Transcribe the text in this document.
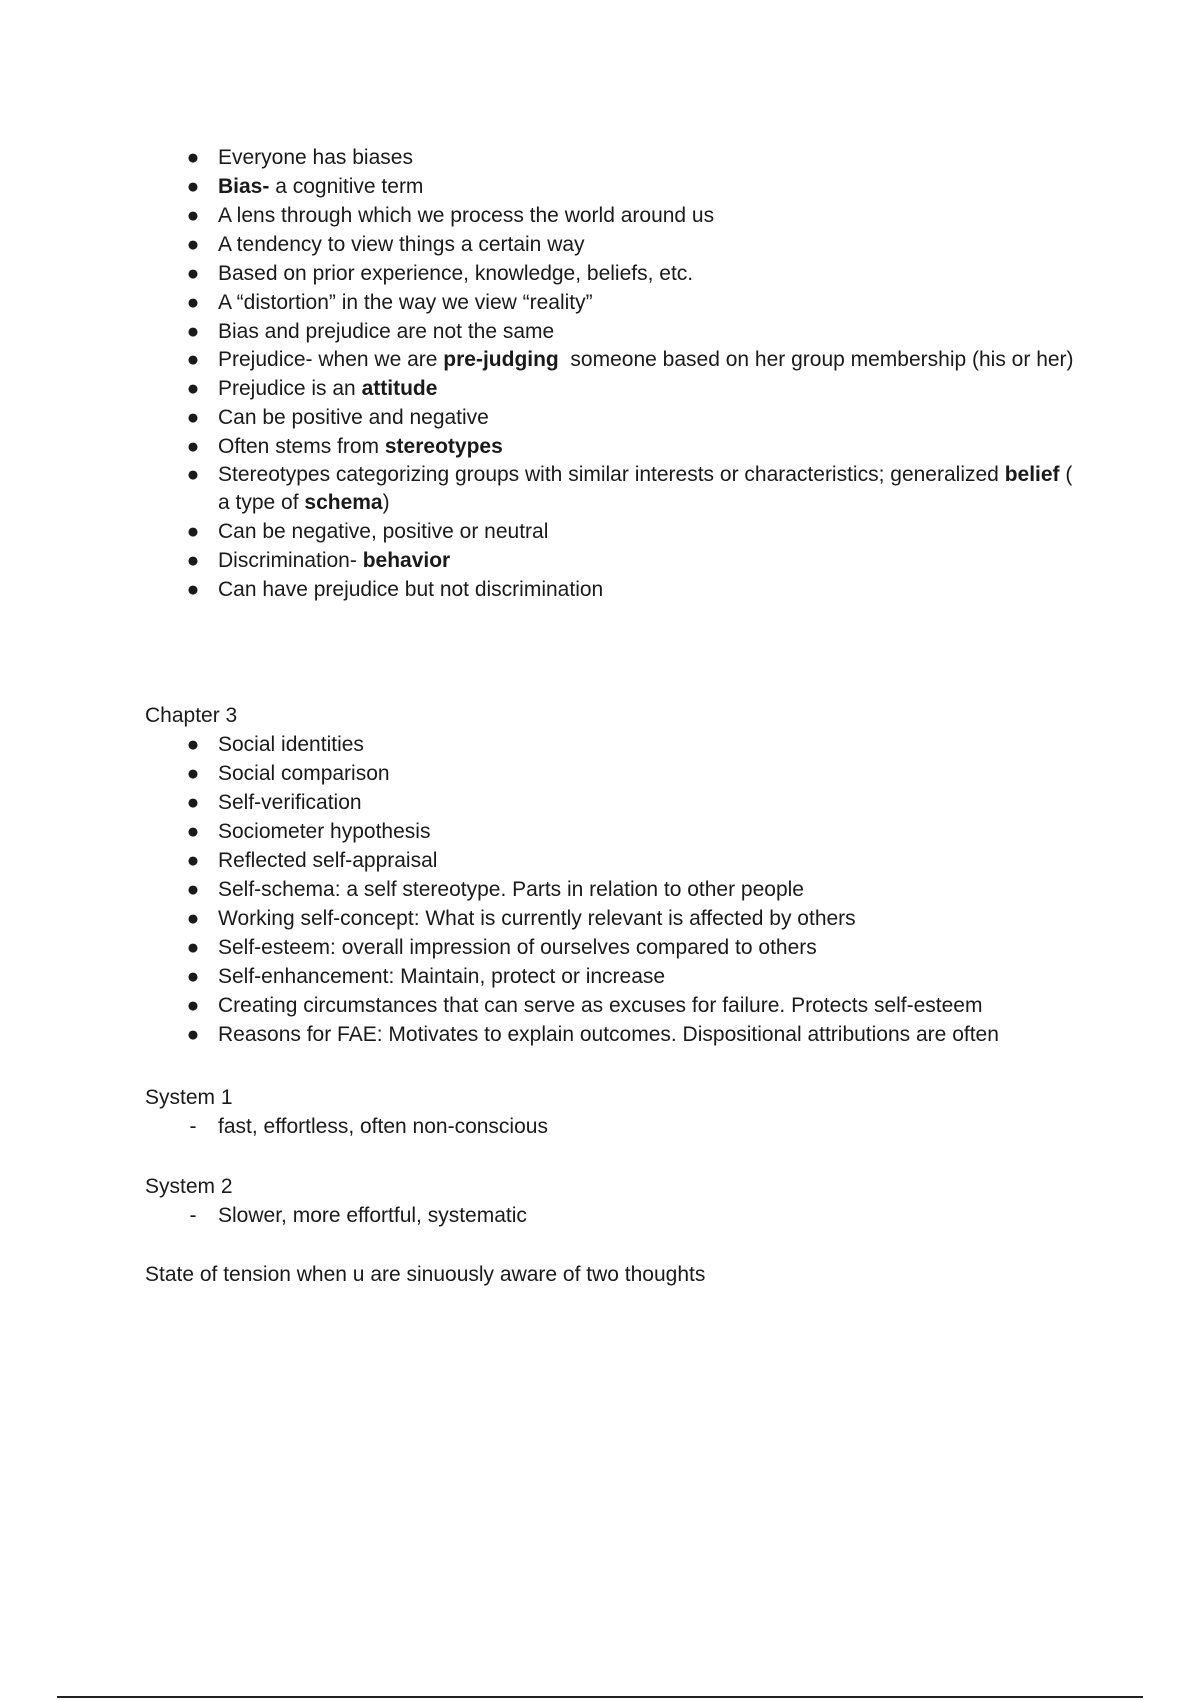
● Everyone has biases
● Bias- a cognitive term
● A lens through which we process the world around us
● A tendency to view things a certain way
● Based on prior experience, knowledge, beliefs, etc.
● A “distortion” in the way we view “reality”
● Bias and prejudice are not the same
● Prejudice- when we are pre-judging  someone based on her group membership (his or her)
● Prejudice is an attitude
● Can be positive and negative
● Often stems from stereotypes
● Stereotypes categorizing groups with similar interests or characteristics; generalized belief ( a type of schema)
● Can be negative, positive or neutral
● Discrimination- behavior
● Can have prejudice but not discrimination
Chapter 3
● Social identities
● Social comparison
● Self-verification
● Sociometer hypothesis
● Reflected self-appraisal
● Self-schema: a self stereotype. Parts in relation to other people
● Working self-concept: What is currently relevant is affected by others
● Self-esteem: overall impression of ourselves compared to others
● Self-enhancement: Maintain, protect or increase
● Creating circumstances that can serve as excuses for failure. Protects self-esteem
● Reasons for FAE: Motivates to explain outcomes. Dispositional attributions are often
System 1
-	fast, effortless, often non-conscious
System 2
-	Slower, more effortful, systematic
State of tension when u are sinuously aware of two thoughts
